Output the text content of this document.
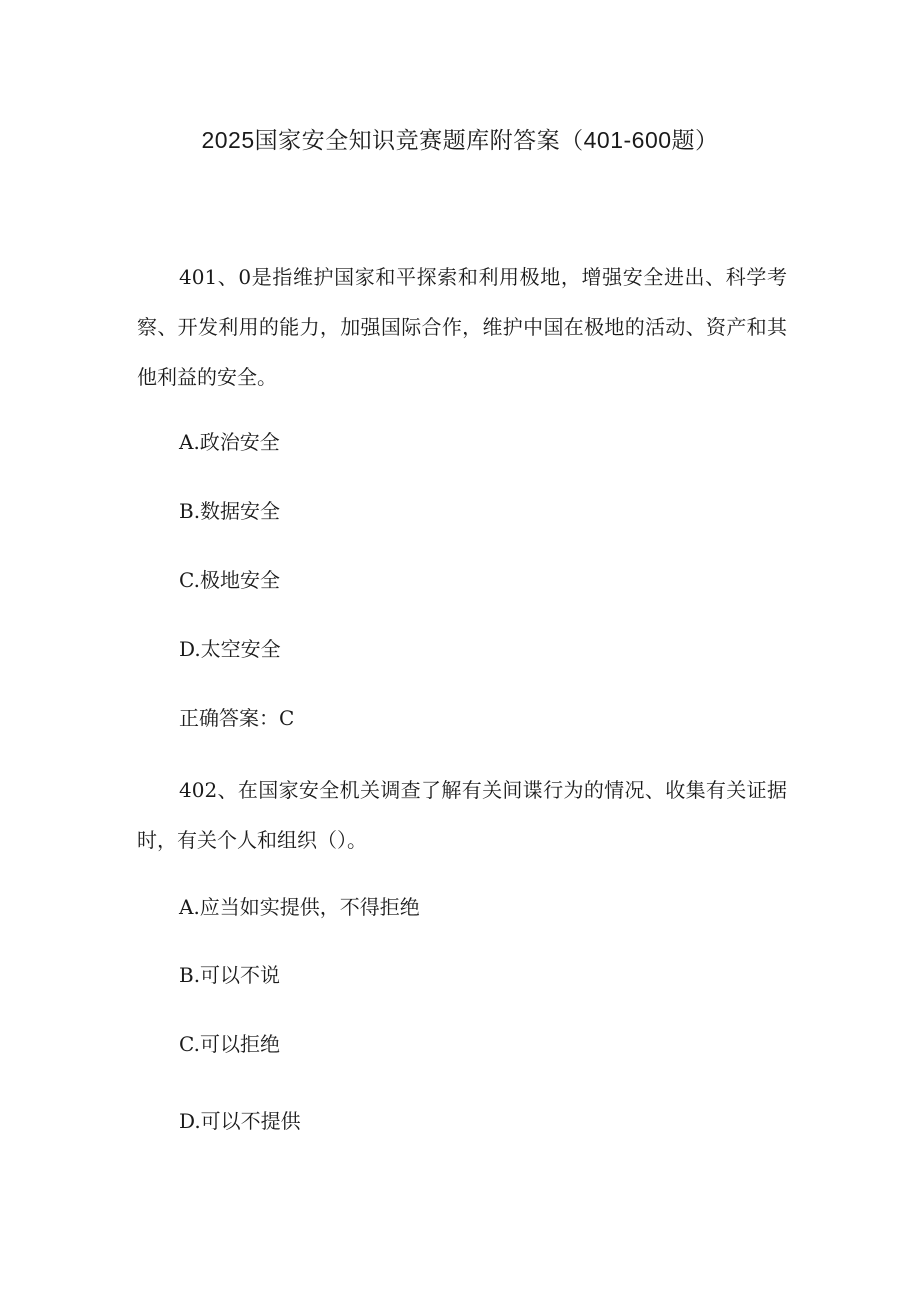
2025国家安全知识竞赛题库附答案（401-600题）

401、0是指维护国家和平探索和利用极地，增强安全进出、科学考察、开发利用的能力，加强国际合作，维护中国在极地的活动、资产和其他利益的安全。

A.政治安全

B.数据安全

C.极地安全

D.太空安全

正确答案：C

402、在国家安全机关调查了解有关间谍行为的情况、收集有关证据时，有关个人和组织（）。

A.应当如实提供，不得拒绝

B.可以不说

C.可以拒绝

D.可以不提供
